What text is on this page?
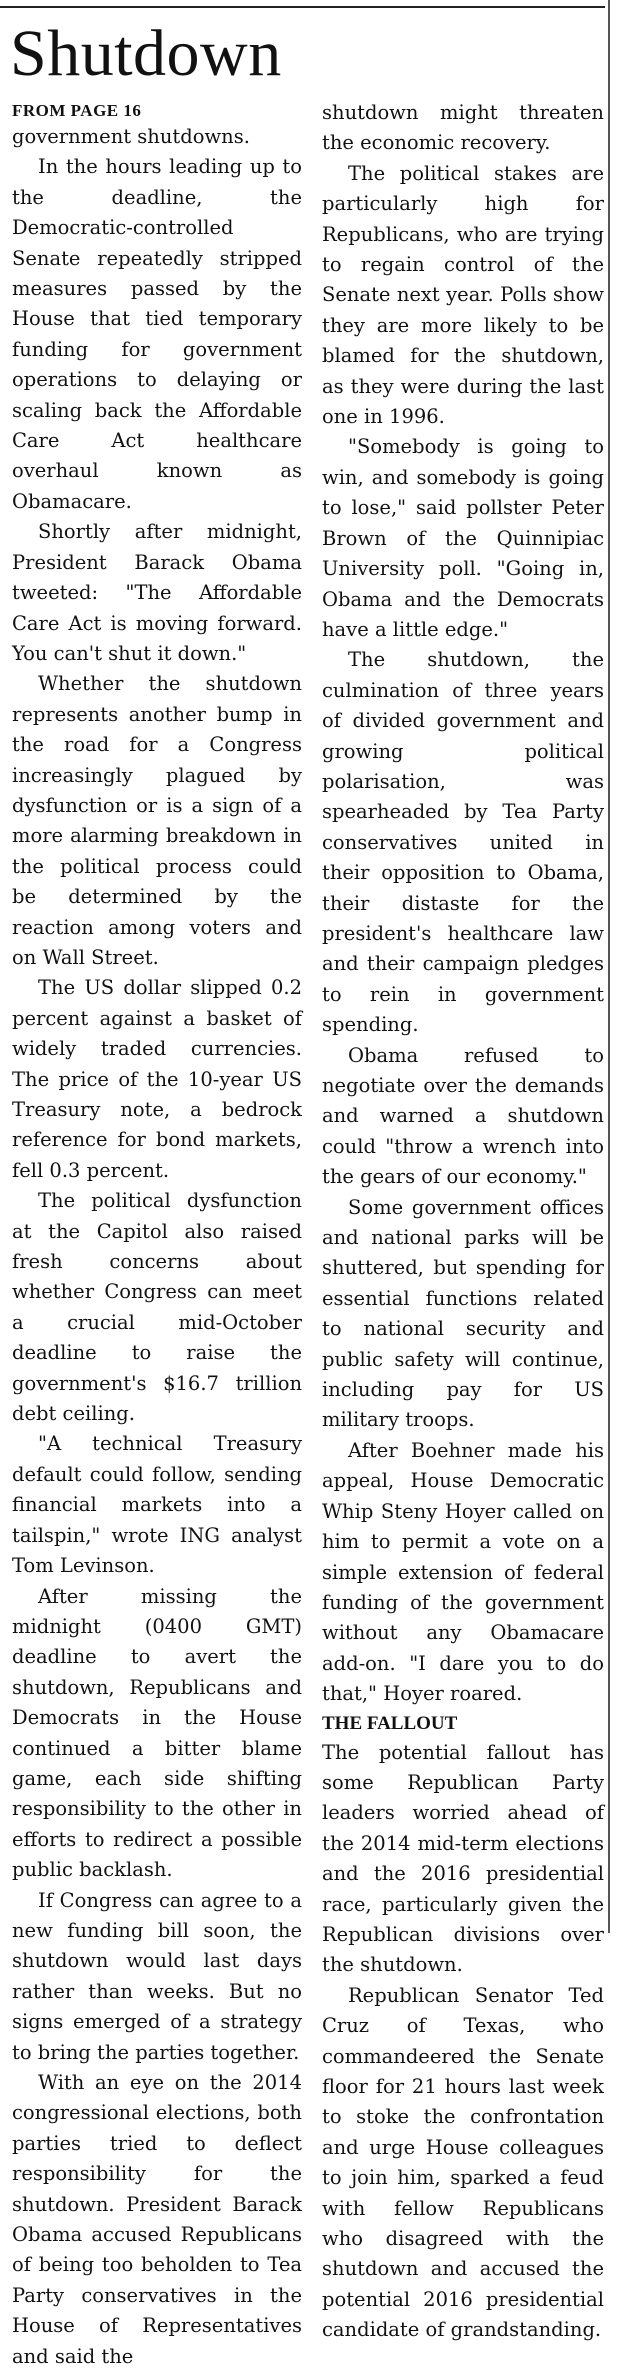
Shutdown
FROM PAGE 16

government shutdowns.

In the hours leading up to the deadline, the Democratic-controlled Senate repeatedly stripped measures passed by the House that tied temporary funding for government operations to delaying or scaling back the Affordable Care Act healthcare overhaul known as Obamacare.

Shortly after midnight, President Barack Obama tweeted: "The Affordable Care Act is moving forward. You can't shut it down."

Whether the shutdown represents another bump in the road for a Congress increasingly plagued by dysfunction or is a sign of a more alarming breakdown in the political process could be determined by the reaction among voters and on Wall Street.

The US dollar slipped 0.2 percent against a basket of widely traded currencies. The price of the 10-year US Treasury note, a bedrock reference for bond markets, fell 0.3 percent.

The political dysfunction at the Capitol also raised fresh concerns about whether Congress can meet a crucial mid-October deadline to raise the government's $16.7 trillion debt ceiling.

"A technical Treasury default could follow, sending financial markets into a tailspin," wrote ING analyst Tom Levinson.

After missing the midnight (0400 GMT) deadline to avert the shutdown, Republicans and Democrats in the House continued a bitter blame game, each side shifting responsibility to the other in efforts to redirect a possible public backlash.

If Congress can agree to a new funding bill soon, the shutdown would last days rather than weeks. But no signs emerged of a strategy to bring the parties together.

With an eye on the 2014 congressional elections, both parties tried to deflect responsibility for the shutdown. President Barack Obama accused Republicans of being too beholden to Tea Party conservatives in the House of Representatives and said the

shutdown might threaten the economic recovery.

The political stakes are particularly high for Republicans, who are trying to regain control of the Senate next year. Polls show they are more likely to be blamed for the shutdown, as they were during the last one in 1996.

"Somebody is going to win, and somebody is going to lose," said pollster Peter Brown of the Quinnipiac University poll. "Going in, Obama and the Democrats have a little edge."

The shutdown, the culmination of three years of divided government and growing political polarisation, was spearheaded by Tea Party conservatives united in their opposition to Obama, their distaste for the president's healthcare law and their campaign pledges to rein in government spending.

Obama refused to negotiate over the demands and warned a shutdown could "throw a wrench into the gears of our economy."

Some government offices and national parks will be shuttered, but spending for essential functions related to national security and public safety will continue, including pay for US military troops.

After Boehner made his appeal, House Democratic Whip Steny Hoyer called on him to permit a vote on a simple extension of federal funding of the government without any Obamacare add-on. "I dare you to do that," Hoyer roared.

THE FALLOUT

The potential fallout has some Republican Party leaders worried ahead of the 2014 mid-term elections and the 2016 presidential race, particularly given the Republican divisions over the shutdown.

Republican Senator Ted Cruz of Texas, who commandeered the Senate floor for 21 hours last week to stoke the confrontation and urge House colleagues to join him, sparked a feud with fellow Republicans who disagreed with the shutdown and accused the potential 2016 presidential candidate of grandstanding.
